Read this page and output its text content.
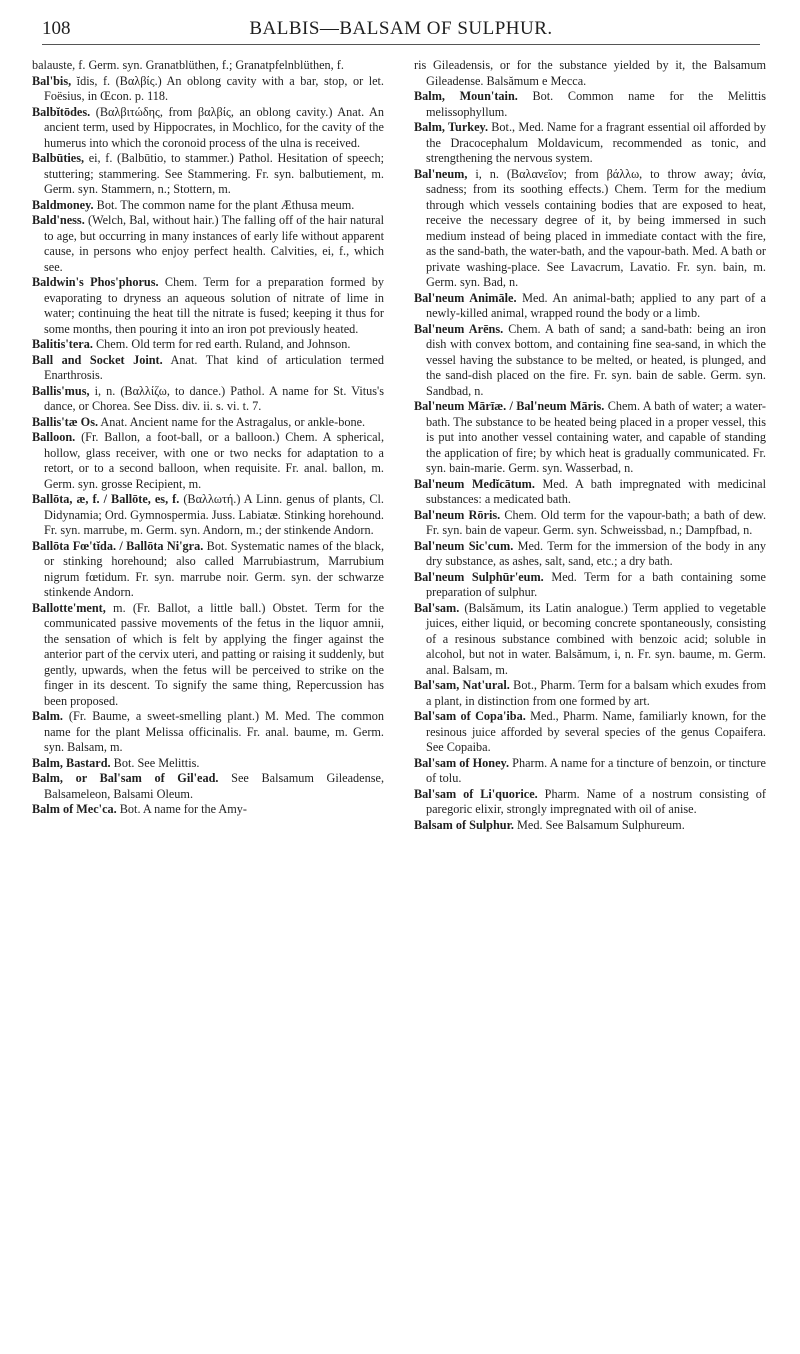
108	BALBIS—BALSAM OF SULPHUR.

balauste, f. Germ. syn. Granatblüthen, f.; Granatpfelnblüthen, f.

Bal'bis, ĭdis, f. (Βαλβίς.) An oblong cavity with a bar, stop, or let. Foësius, in Œcon. p. 118.

Balbĭtōdes. (Βαλβιτώδης, from βαλβίς, an oblong cavity.) Anat. An ancient term, used by Hippocrates, in Mochlico, for the cavity of the humerus into which the coronoid process of the ulna is received.

Balbūties, ei, f. (Balbūtio, to stammer.) Pathol. Hesitation of speech; stuttering; stammering. See Stammering. Fr. syn. balbutiement, m. Germ. syn. Stammern, n.; Stottern, m.

Baldmoney. Bot. The common name for the plant Æthusa meum.

Bald'ness. (Welch, Bal, without hair.) The falling off of the hair natural to age, but occurring in many instances of early life without apparent cause, in persons who enjoy perfect health. Calvities, ei, f., which see.

Baldwin's Phos'phorus. Chem. Term for a preparation formed by evaporating to dryness an aqueous solution of nitrate of lime in water; continuing the heat till the nitrate is fused; keeping it thus for some months, then pouring it into an iron pot previously heated.

Balitis'tera. Chem. Old term for red earth. Ruland, and Johnson.

Ball and Socket Joint. Anat. That kind of articulation termed Enarthrosis.

Ballis'mus, i, n. (Βαλλίζω, to dance.) Pathol. A name for St. Vitus's dance, or Chorea. See Diss. div. ii. s. vi. t. 7.

Ballis'tæ Os. Anat. Ancient name for the Astragalus, or ankle-bone.

Balloon. (Fr. Ballon, a foot-ball, or a balloon.) Chem. A spherical, hollow, glass receiver, with one or two necks for adaptation to a retort, or to a second balloon, when requisite. Fr. anal. ballon, m. Germ. syn. grosse Recipient, m.

Ballōta, æ, f. / Ballōte, es, f. (Βαλλωτή.) A Linn. genus of plants, Cl. Didynamia; Ord. Gymnospermia. Juss. Labiatæ. Stinking horehound. Fr. syn. marrube, m. Germ. syn. Andorn, m.; der stinkende Andorn.

Ballōta Fœ'tĭda. / Ballōta Ni'gra. Bot. Systematic names of the black, or stinking horehound; also called Marrubiastrum, Marrubium nigrum fœtidum. Fr. syn. marrube noir. Germ. syn. der schwarze stinkende Andorn.

Ballotte'ment, m. (Fr. Ballot, a little ball.) Obstet. Term for the communicated passive movements of the fetus in the liquor amnii, the sensation of which is felt by applying the finger against the anterior part of the cervix uteri, and patting or raising it suddenly, but gently, upwards, when the fetus will be perceived to strike on the finger in its descent. To signify the same thing, Repercussion has been proposed.

Balm. (Fr. Baume, a sweet-smelling plant.) M. Med. The common name for the plant Melissa officinalis. Fr. anal. baume, m. Germ. syn. Balsam, m.

Balm, Bastard. Bot. See Melittis.

Balm, or Bal'sam of Gil'ead. See Balsamum Gileadense, Balsameleon, Balsami Oleum.

Balm of Mec'ca. Bot. A name for the Amy-

ris Gileadensis, or for the substance yielded by it, the Balsamum Gileadense. Balsămum e Mecca.

Balm, Moun'tain. Bot. Common name for the Melittis melissophyllum.

Balm, Turkey. Bot., Med. Name for a fragrant essential oil afforded by the Dracocephalum Moldavicum, recommended as tonic, and strengthening the nervous system.

Bal'neum, i, n. (Βαλανεῖον; from βάλλω, to throw away; ἀνία, sadness; from its soothing effects.) Chem. Term for the medium through which vessels containing bodies that are exposed to heat, receive the necessary degree of it, by being immersed in such medium instead of being placed in immediate contact with the fire, as the sand-bath, the water-bath, and the vapour-bath. Med. A bath or private washing-place. See Lavacrum, Lavatio. Fr. syn. bain, m. Germ. syn. Bad, n.

Bal'neum Animāle. Med. An animal-bath; applied to any part of a newly-killed animal, wrapped round the body or a limb.

Bal'neum Arēns. Chem. A bath of sand; a sand-bath: being an iron dish with convex bottom, and containing fine sea-sand, in which the vessel having the substance to be melted, or heated, is plunged, and the sand-dish placed on the fire. Fr. syn. bain de sable. Germ. syn. Sandbad, n.

Bal'neum Mārīæ. / Bal'neum Māris. Chem. A bath of water; a water-bath. The substance to be heated being placed in a proper vessel, this is put into another vessel containing water, and capable of standing the application of fire; by which heat is gradually communicated. Fr. syn. bain-marie. Germ. syn. Wasserbad, n.

Bal'neum Medĭcātum. Med. A bath impregnated with medicinal substances: a medicated bath.

Bal'neum Rōris. Chem. Old term for the vapour-bath; a bath of dew. Fr. syn. bain de vapeur. Germ. syn. Schweissbad, n.; Dampfbad, n.

Bal'neum Sic'cum. Med. Term for the immersion of the body in any dry substance, as ashes, salt, sand, etc.; a dry bath.

Bal'neum Sulphūr'eum. Med. Term for a bath containing some preparation of sulphur.

Bal'sam. (Balsămum, its Latin analogue.) Term applied to vegetable juices, either liquid, or becoming concrete spontaneously, consisting of a resinous substance combined with benzoic acid; soluble in alcohol, but not in water. Balsămum, i, n. Fr. syn. baume, m. Germ. anal. Balsam, m.

Bal'sam, Nat'ural. Bot., Pharm. Term for a balsam which exudes from a plant, in distinction from one formed by art.

Bal'sam of Copa'iba. Med., Pharm. Name, familiarly known, for the resinous juice afforded by several species of the genus Copaifera. See Copaiba.

Bal'sam of Honey. Pharm. A name for a tincture of benzoin, or tincture of tolu.

Bal'sam of Li'quorice. Pharm. Name of a nostrum consisting of paregoric elixir, strongly impregnated with oil of anise.

Balsam of Sulphur. Med. See Balsamum Sulphureum.
